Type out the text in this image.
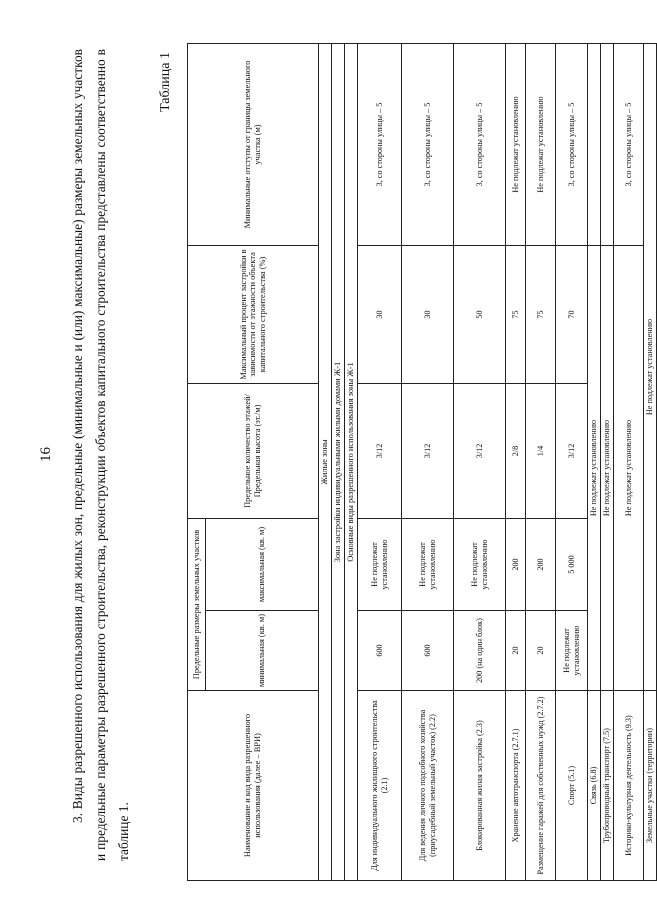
16 3. Виды разрешенного использования для жилых зон, предельные (минимальные и (или) максимальные) размеры земельных участков и предельные параметры разрешенного строительства, реконструкции объектов капитального строительства представлены соответственно в таблице 1.

Таблица 1
Наименование и код вида разрешенного использования (далее – ВРИ)	Предельные размеры земельных участков		Предельное количество этажей/ Предельная высота (эт./м)	Максимальный процент застройки в зависимости от этажности объекта капитального строительства (%)	Минимальные отступы от границы земельного участка (м)
	минимальная (кв. м)	максимальная (кв. м)			
Жилые зоны					
Зона застройки индивидуальными жилыми домами Ж-1					
Основные виды разрешенного использования зоны Ж-1					
Для индивидуального жилищного строительства (2.1)	600	Не подлежат установлению	3/12	30	3, со стороны улицы – 5
Для ведения личного подсобного хозяйства (приусадебный земельный участок) (2.2)	600	Не подлежат установлению	3/12	30	3, со стороны улицы – 5
Блокированная жилая застройка (2.3)	200 (на один блок)	Не подлежат установлению	3/12	50	3, со стороны улицы – 5
Хранение автотранспорта (2.7.1)	20	200	2/8	75	Не подлежат установлению
Размещение гаражей для собственных нужд (2.7.2)	20	200	1/4	75	Не подлежат установлению
Спорт (5.1)	Не подлежат установлению	5 000	3/12	70	3, со стороны улицы – 5
Связь (6.8)	Не подлежат установлению				
Трубопроводный транспорт (7.5)	Не подлежат установлению				
Историко-культурная деятельность (9.3)	Не подлежат установлению				3, со стороны улицы – 5
Земельные участки (территории)	Не подлежат установлению				
